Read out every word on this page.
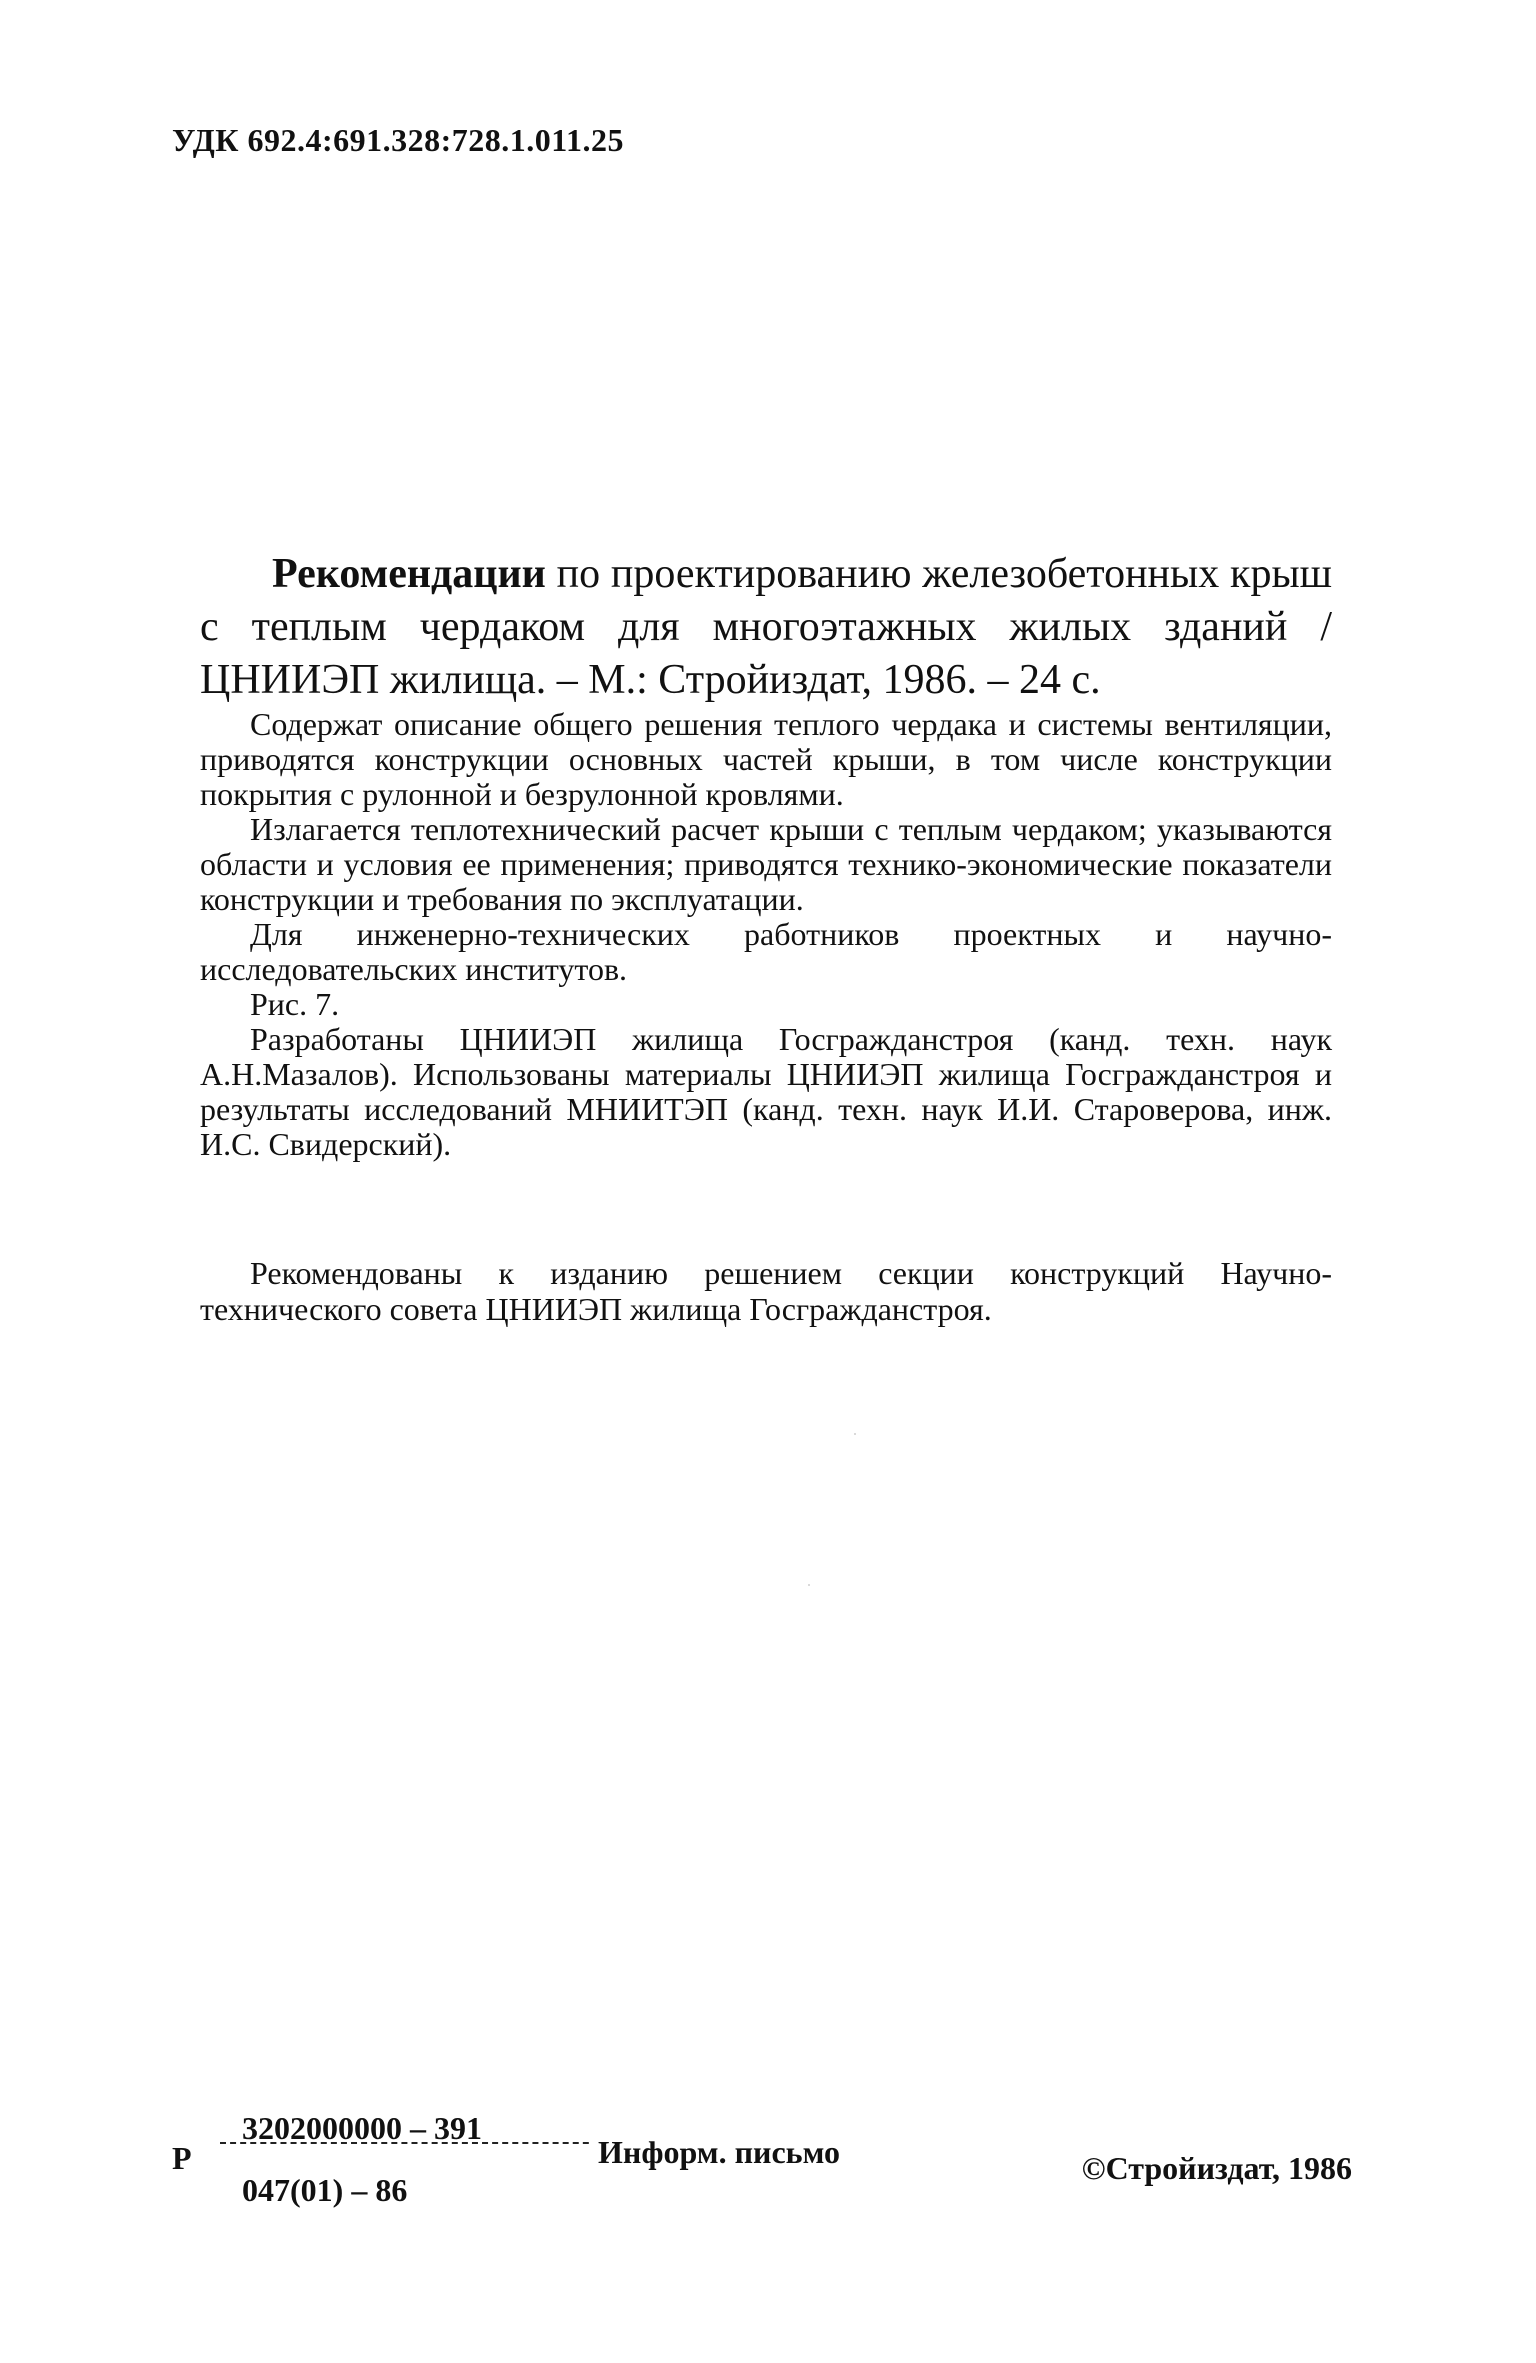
УДК 692.4:691.328:728.1.011.25

Рекомендации по проектированию железобетонных крыш с теплым чердаком для многоэтажных жилых зданий / ЦНИИЭП жилища. – М.: Стройиздат, 1986. – 24 с.

Содержат описание общего решения теплого чердака и системы вентиляции, приводятся конструкции основных частей крыши, в том числе конструкции покрытия с рулонной и безрулонной кровлями.

Излагается теплотехнический расчет крыши с теплым чердаком; указываются области и условия ее применения; приводятся технико-экономические показатели конструкции и требования по эксплуатации.

Для инженерно-технических работников проектных и научно-исследовательских институтов.

Рис. 7.

Разработаны ЦНИИЭП жилища Госгражданстроя (канд. техн. наук А.Н.Мазалов). Использованы материалы ЦНИИЭП жилища Госгражданстроя и результаты исследований МНИИТЭП (канд. техн. наук И.И. Староверова, инж. И.С. Свидерский).

Рекомендованы к изданию решением секции конструкций Научно-технического совета ЦНИИЭП жилища Госгражданстроя.

Р
3202000000 – 391
047(01) – 86
Информ. письмо	©Стройиздат, 1986
